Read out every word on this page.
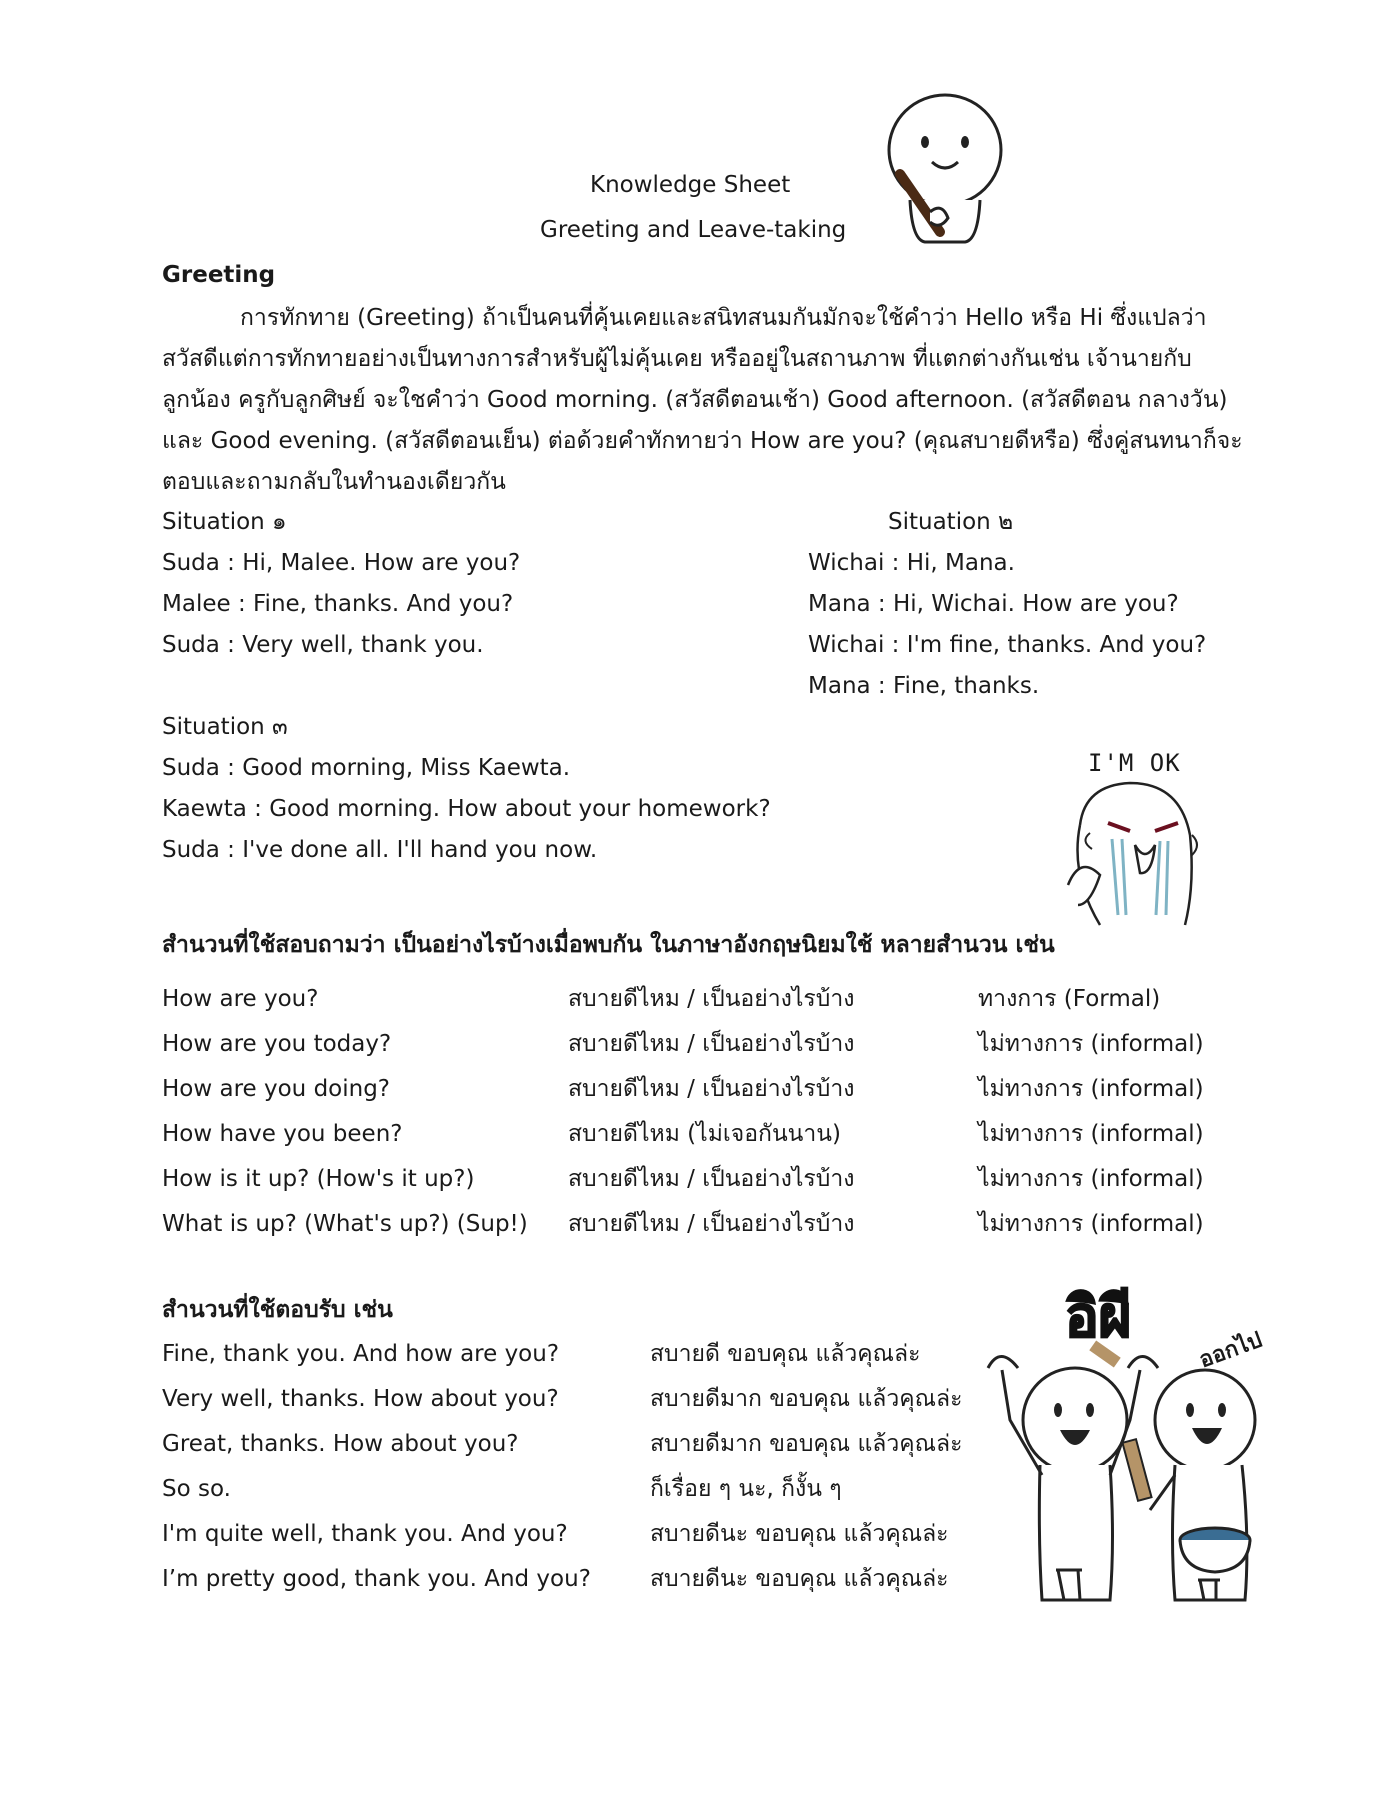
Knowledge Sheet
Greeting and Leave-taking
Greeting
การทักทาย (Greeting) ถ้าเป็นคนที่คุ้นเคยและสนิทสนมกันมักจะใช้คำว่า Hello หรือ Hi ซึ่งแปลว่า
สวัสดีแต่การทักทายอย่างเป็นทางการสำหรับผู้ไม่คุ้นเคย หรืออยู่ในสถานภาพ ที่แตกต่างกันเช่น เจ้านายกับ
ลูกน้อง ครูกับลูกศิษย์ จะใชคำว่า Good morning. (สวัสดีตอนเช้า) Good afternoon. (สวัสดีตอน กลางวัน)
และ Good evening. (สวัสดีตอนเย็น) ต่อด้วยคำทักทายว่า How are you? (คุณสบายดีหรือ) ซึ่งคู่สนทนาก็จะ
ตอบและถามกลับในทำนองเดียวกัน
Situation ๑
Suda : Hi, Malee. How are you?
Malee : Fine, thanks. And you?
Suda : Very well, thank you.
Situation ๒
Wichai : Hi, Mana.
Mana : Hi, Wichai. How are you?
Wichai : I'm fine, thanks. And you?
Mana : Fine, thanks.
Situation ๓
Suda : Good morning, Miss Kaewta.
Kaewta : Good morning. How about your homework?
Suda : I've done all. I'll hand you now.
I'M OK
สำนวนที่ใช้สอบถามว่า เป็นอย่างไรบ้างเมื่อพบกัน ในภาษาอังกฤษนิยมใช้ หลายสำนวน เช่น
How are you?	สบายดีไหม / เป็นอย่างไรบ้าง	ทางการ (Formal)
How are you today?	สบายดีไหม / เป็นอย่างไรบ้าง	ไม่ทางการ (informal)
How are you doing?	สบายดีไหม / เป็นอย่างไรบ้าง	ไม่ทางการ (informal)
How have you been?	สบายดีไหม (ไม่เจอกันนาน)	ไม่ทางการ (informal)
How is it up? (How's it up?)	สบายดีไหม / เป็นอย่างไรบ้าง	ไม่ทางการ (informal)
What is up? (What's up?) (Sup!) สบายดีไหม / เป็นอย่างไรบ้าง	ไม่ทางการ (informal)
สำนวนที่ใช้ตอบรับ เช่น
Fine, thank you. And how are you?	สบายดี ขอบคุณ แล้วคุณล่ะ
Very well, thanks. How about you?	สบายดีมาก ขอบคุณ แล้วคุณล่ะ
Great, thanks. How about you?	สบายดีมาก ขอบคุณ แล้วคุณล่ะ
So so.	ก็เรื่อย ๆ นะ, ก็งั้น ๆ
I'm quite well, thank you. And you?	สบายดีนะ ขอบคุณ แล้วคุณล่ะ
I’m pretty good, thank you. And you?	สบายดีนะ ขอบคุณ แล้วคุณล่ะ
อิผี
ออกไป
